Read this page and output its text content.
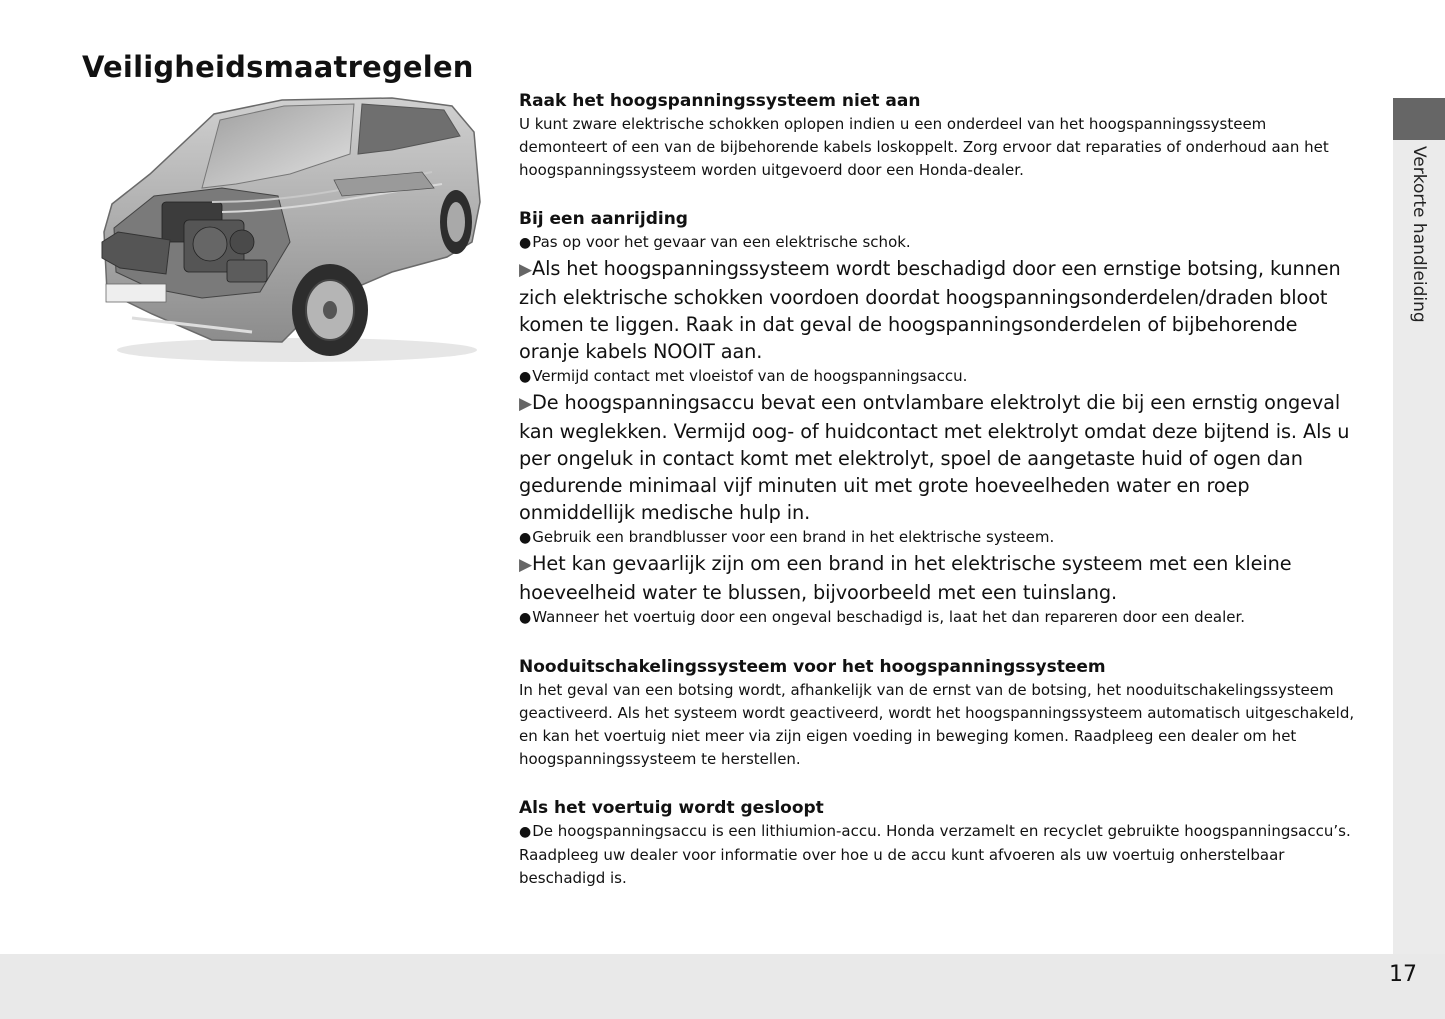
Veiligheidsmaatregelen
Raak het hoogspanningssysteem niet aan

U kunt zware elektrische schokken oplopen indien u een onderdeel van het hoogspanningssysteem demonteert of een van de bijbehorende kabels loskoppelt. Zorg ervoor dat reparaties of onderhoud aan het hoogspanningssysteem worden uitgevoerd door een Honda-dealer.

Bij een aanrijding

●Pas op voor het gevaar van een elektrische schok.

▶Als het hoogspanningssysteem wordt beschadigd door een ernstige botsing, kunnen zich elektrische schokken voordoen doordat hoogspanningsonderdelen/draden bloot komen te liggen. Raak in dat geval de hoogspanningsonderdelen of bijbehorende oranje kabels NOOIT aan.

●Vermijd contact met vloeistof van de hoogspanningsaccu.

▶De hoogspanningsaccu bevat een ontvlambare elektrolyt die bij een ernstig ongeval kan weglekken. Vermijd oog- of huidcontact met elektrolyt omdat deze bijtend is. Als u per ongeluk in contact komt met elektrolyt, spoel de aangetaste huid of ogen dan gedurende minimaal vijf minuten uit met grote hoeveelheden water en roep onmiddellijk medische hulp in.

●Gebruik een brandblusser voor een brand in het elektrische systeem.

▶Het kan gevaarlijk zijn om een brand in het elektrische systeem met een kleine hoeveelheid water te blussen, bijvoorbeeld met een tuinslang.

●Wanneer het voertuig door een ongeval beschadigd is, laat het dan repareren door een dealer.

Nooduitschakelingssysteem voor het hoogspanningssysteem

In het geval van een botsing wordt, afhankelijk van de ernst van de botsing, het nooduitschakelingssysteem geactiveerd. Als het systeem wordt geactiveerd, wordt het hoogspanningssysteem automatisch uitgeschakeld, en kan het voertuig niet meer via zijn eigen voeding in beweging komen. Raadpleeg een dealer om het hoogspanningssysteem te herstellen.

Als het voertuig wordt gesloopt

●De hoogspanningsaccu is een lithiumion-accu. Honda verzamelt en recyclet gebruikte hoogspanningsaccu’s. Raadpleeg uw dealer voor informatie over hoe u de accu kunt afvoeren als uw voertuig onherstelbaar beschadigd is.

Verkorte handleiding
17
